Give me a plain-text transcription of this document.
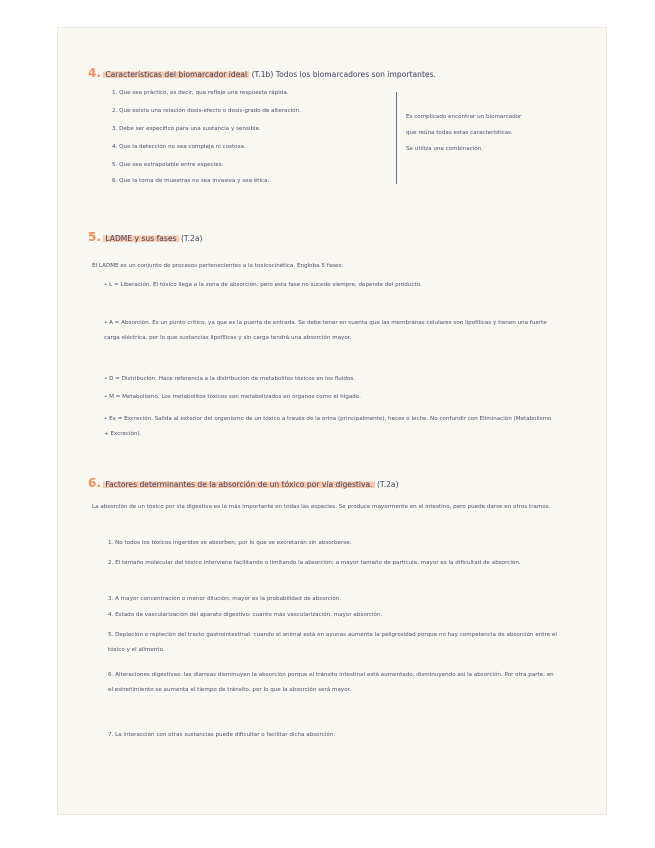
4. Características del biomarcador ideal (T.1b) Todos los biomarcadores son importantes.
1. Que sea práctico, es decir, que refleje una respuesta rápida.
2. Que exista una relación dosis-efecto o dosis-grado de alteración.
3. Debe ser específico para una sustancia y sensible.
4. Que la detección no sea compleja ni costosa.
5. Que sea extrapolable entre especies.
6. Que la toma de muestras no sea invasiva y sea ética.
Es complicado encontrar un biomarcador
que reúna todas estas características.
Se utiliza una combinación.
5. LADME y sus fases (T.2a)
El LADME es un conjunto de procesos pertenecientes a la toxicocinética. Engloba 5 fases:
• L = Liberación. El tóxico llega a la zona de absorción, pero esta fase no sucede siempre, depende del producto.
• A = Absorción. Es un punto crítico, ya que es la puerta de entrada. Se debe tener en cuenta que las membranas celulares son lipofílicas y tienen una fuerte carga eléctrica, por lo que sustancias lipofílicas y sin carga tendrá una absorción mayor.
• D = Distribución. Hace referencia a la distribución de metabolitos tóxicos en los fluidos.
• M = Metabolismo. Los metabolitos tóxicos son metabolizados en órganos como el hígado.
• Ex = Excreción. Salida al exterior del organismo de un tóxico a través de la orina (principalmente), heces o leche. No confundir con Eliminación (Metabolismo + Excreción).
6. Factores determinantes de la absorción de un tóxico por vía digestiva. (T.2a)
La absorción de un tóxico por vía digestiva es la más importante en todas las especies. Se produce mayormente en el intestino, pero puede darse en otros tramos.
1. No todos los tóxicos ingeridos se absorben, por lo que se excretarán sin absorberse.
2. El tamaño molecular del tóxico interviene facilitando o limitando la absorción: a mayor tamaño de partícula, mayor es la dificultad de absorción.
3. A mayor concentración o menor dilución, mayor es la probabilidad de absorción.
4. Estado de vascularización del aparato digestivo: cuanto más vascularización, mayor absorción.
5. Depleción o repleción del tracto gastrointestinal: cuando el animal está en ayunas aumenta la peligrosidad porque no hay competencia de absorción entre el tóxico y el alimento.
6. Alteraciones digestivas: las diarreas disminuyen la absorción porque el tránsito intestinal está aumentado, disminuyendo así la absorción. Por otra parte, en el estreñimiento se aumenta el tiempo de tránsito, por lo que la absorción será mayor.
7. La interacción con otras sustancias puede dificultar o facilitar dicha absorción.
